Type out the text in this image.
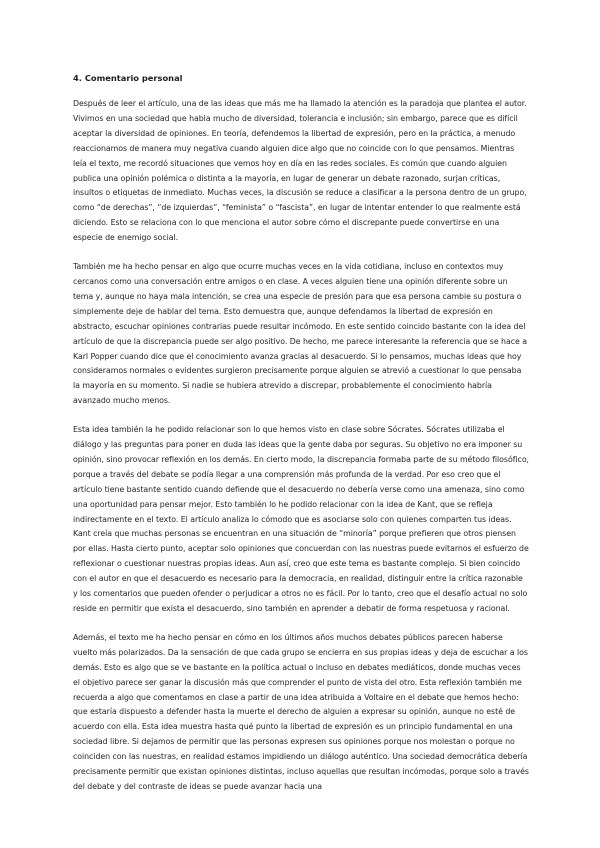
4. Comentario personal

Después de leer el artículo, una de las ideas que más me ha llamado la atención es la paradoja que plantea el autor. Vivimos en una sociedad que habla mucho de diversidad, tolerancia e inclusión; sin embargo, parece que es difícil aceptar la diversidad de opiniones. En teoría, defendemos la libertad de expresión, pero en la práctica, a menudo reaccionamos de manera muy negativa cuando alguien dice algo que no coincide con lo que pensamos. Mientras leía el texto, me recordó situaciones que vemos hoy en día en las redes sociales. Es común que cuando alguien publica una opinión polémica o distinta a la mayoría, en lugar de generar un debate razonado, surjan críticas, insultos o etiquetas de inmediato. Muchas veces, la discusión se reduce a clasificar a la persona dentro de un grupo, como “de derechas”, “de izquierdas”, “feminista” o “fascista”, en lugar de intentar entender lo que realmente está diciendo. Esto se relaciona con lo que menciona el autor sobre cómo el discrepante puede convertirse en una especie de enemigo social.

También me ha hecho pensar en algo que ocurre muchas veces en la vida cotidiana, incluso en contextos muy cercanos como una conversación entre amigos o en clase. A veces alguien tiene una opinión diferente sobre un tema y, aunque no haya mala intención, se crea una especie de presión para que esa persona cambie su postura o simplemente deje de hablar del tema. Esto demuestra que, aunque defendamos la libertad de expresión en abstracto, escuchar opiniones contrarias puede resultar incómodo. En este sentido coincido bastante con la idea del artículo de que la discrepancia puede ser algo positivo. De hecho, me parece interesante la referencia que se hace a Karl Popper cuando dice que el conocimiento avanza gracias al desacuerdo. Si lo pensamos, muchas ideas que hoy consideramos normales o evidentes surgieron precisamente porque alguien se atrevió a cuestionar lo que pensaba la mayoría en su momento. Si nadie se hubiera atrevido a discrepar, probablemente el conocimiento habría avanzado mucho menos.

Esta idea también la he podido relacionar son lo que hemos visto en clase sobre Sócrates. Sócrates utilizaba el diálogo y las preguntas para poner en duda las ideas que la gente daba por seguras. Su objetivo no era imponer su opinión, sino provocar reflexión en los demás. En cierto modo, la discrepancia formaba parte de su método filosófico, porque a través del debate se podía llegar a una comprensión más profunda de la verdad. Por eso creo que el artículo tiene bastante sentido cuando defiende que el desacuerdo no debería verse como una amenaza, sino como una oportunidad para pensar mejor. Esto también lo he podido relacionar con la idea de Kant, que se refleja indirectamente en el texto. El artículo analiza lo cómodo que es asociarse solo con quienes comparten tus ideas. Kant creía que muchas personas se encuentran en una situación de “minoría” porque prefieren que otros piensen por ellas. Hasta cierto punto, aceptar solo opiniones que concuerdan con las nuestras puede evitarnos el esfuerzo de reflexionar o cuestionar nuestras propias ideas. Aun así, creo que este tema es bastante complejo. Si bien coincido con el autor en que el desacuerdo es necesario para la democracia, en realidad, distinguir entre la crítica razonable y los comentarios que pueden ofender o perjudicar a otros no es fácil. Por lo tanto, creo que el desafío actual no solo reside en permitir que exista el desacuerdo, sino también en aprender a debatir de forma respetuosa y racional.

Además, el texto me ha hecho pensar en cómo en los últimos años muchos debates públicos parecen haberse vuelto más polarizados. Da la sensación de que cada grupo se encierra en sus propias ideas y deja de escuchar a los demás. Esto es algo que se ve bastante en la política actual o incluso en debates mediáticos, donde muchas veces el objetivo parece ser ganar la discusión más que comprender el punto de vista del otro. Esta reflexión también me recuerda a algo que comentamos en clase a partir de una idea atribuida a Voltaire en el debate que hemos hecho: que estaría dispuesto a defender hasta la muerte el derecho de alguien a expresar su opinión, aunque no esté de acuerdo con ella. Esta idea muestra hasta qué punto la libertad de expresión es un principio fundamental en una sociedad libre. Si dejamos de permitir que las personas expresen sus opiniones porque nos molestan o porque no coinciden con las nuestras, en realidad estamos impidiendo un diálogo auténtico. Una sociedad democrática debería precisamente permitir que existan opiniones distintas, incluso aquellas que resultan incómodas, porque solo a través del debate y del contraste de ideas se puede avanzar hacia una
